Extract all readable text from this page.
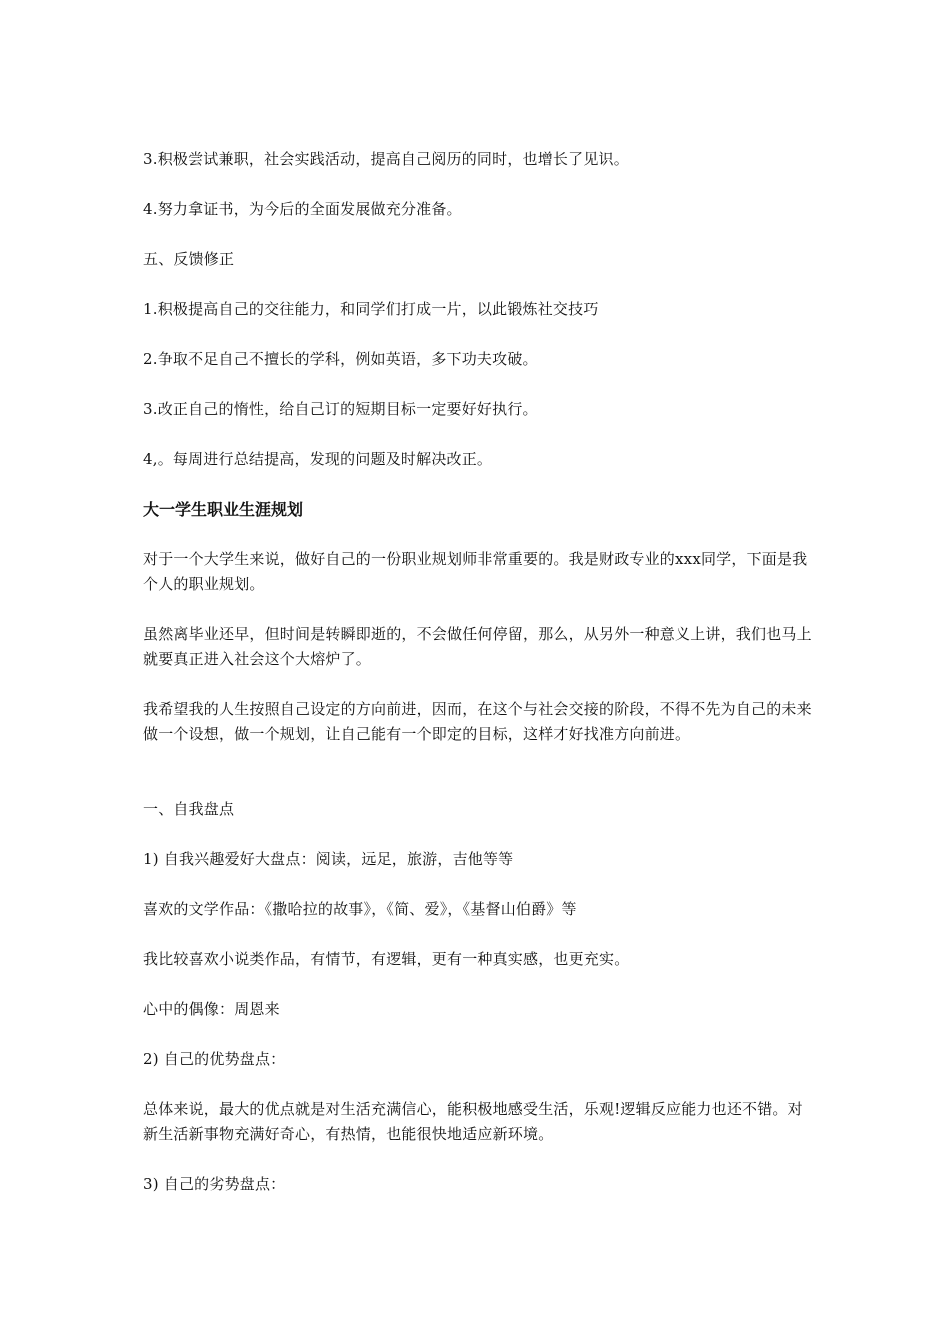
3.积极尝试兼职，社会实践活动，提高自己阅历的同时，也增长了见识。
4.努力拿证书，为今后的全面发展做充分准备。
五、反馈修正
1.积极提高自己的交往能力，和同学们打成一片，以此锻炼社交技巧
2.争取不足自己不擅长的学科，例如英语，多下功夫攻破。
3.改正自己的惰性，给自己订的短期目标一定要好好执行。
4,。每周进行总结提高，发现的问题及时解决改正。
大一学生职业生涯规划
对于一个大学生来说，做好自己的一份职业规划师非常重要的。我是财政专业的xxx同学，下面是我个人的职业规划。
虽然离毕业还早，但时间是转瞬即逝的，不会做任何停留，那么，从另外一种意义上讲，我们也马上就要真正进入社会这个大熔炉了。
我希望我的人生按照自己设定的方向前进，因而，在这个与社会交接的阶段，不得不先为自己的未来做一个设想，做一个规划，让自己能有一个即定的目标，这样才好找准方向前进。
一、自我盘点
1) 自我兴趣爱好大盘点：阅读，远足，旅游，吉他等等
喜欢的文学作品：《撒哈拉的故事》，《简、爱》，《基督山伯爵》等
我比较喜欢小说类作品，有情节，有逻辑，更有一种真实感，也更充实。
心中的偶像：周恩来
2) 自己的优势盘点：
总体来说，最大的优点就是对生活充满信心，能积极地感受生活，乐观!逻辑反应能力也还不错。对新生活新事物充满好奇心，有热情，也能很快地适应新环境。
3) 自己的劣势盘点：
